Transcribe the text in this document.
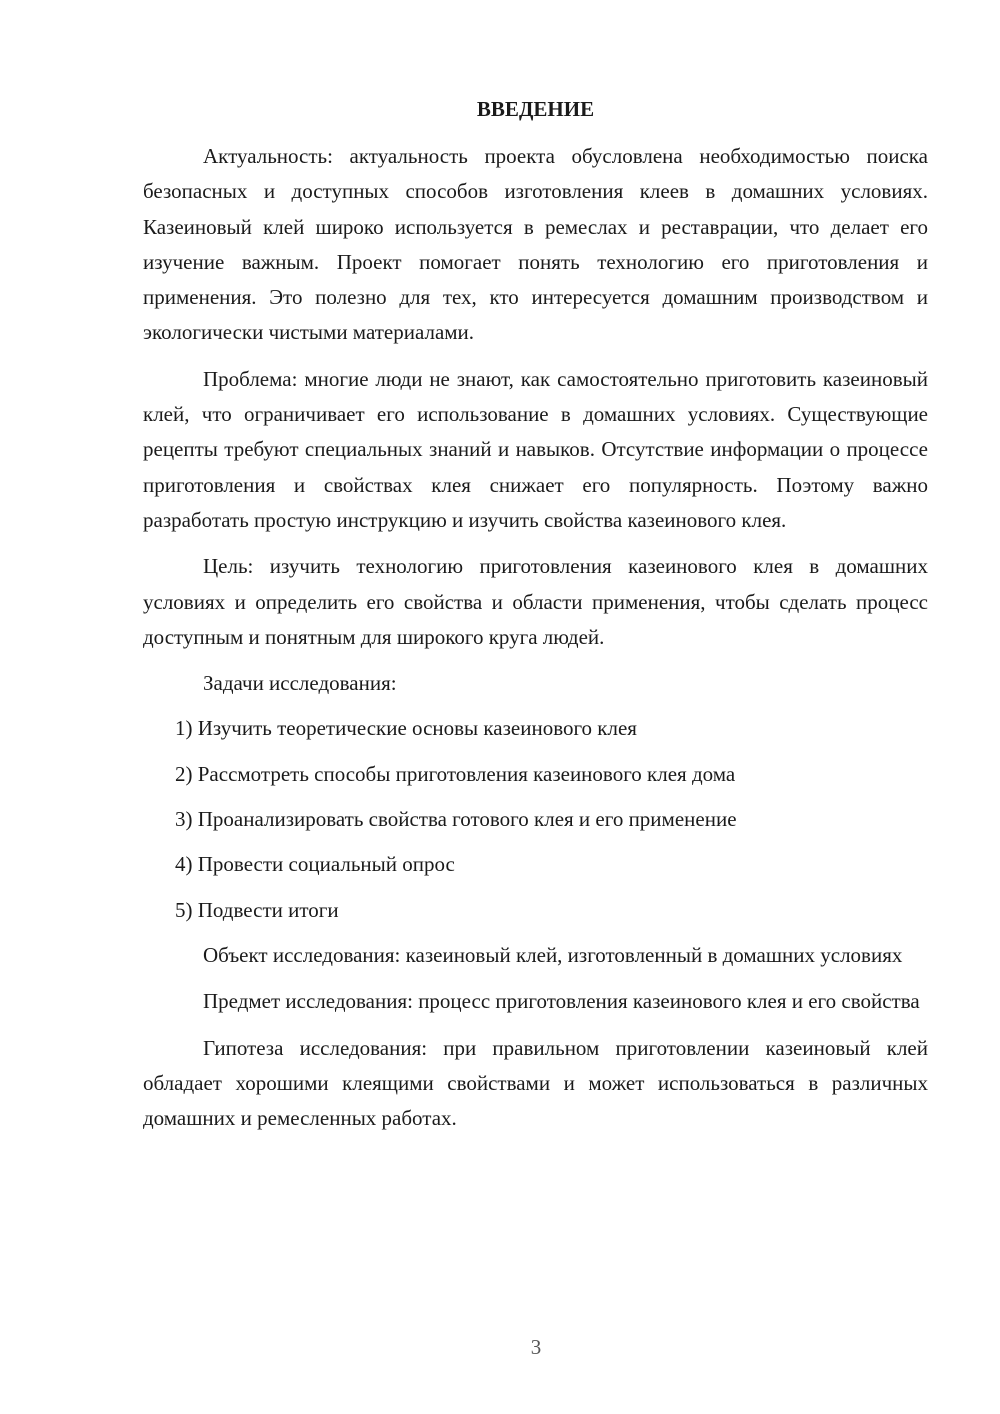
ВВЕДЕНИЕ

Актуальность: актуальность проекта обусловлена необходимостью поиска безопасных и доступных способов изготовления клеев в домашних условиях. Казеиновый клей широко используется в ремеслах и реставрации, что делает его изучение важным. Проект помогает понять технологию его приготовления и применения. Это полезно для тех, кто интересуется домашним производством и экологически чистыми материалами.

Проблема: многие люди не знают, как самостоятельно приготовить казеиновый клей, что ограничивает его использование в домашних условиях. Существующие рецепты требуют специальных знаний и навыков. Отсутствие информации о процессе приготовления и свойствах клея снижает его популярность. Поэтому важно разработать простую инструкцию и изучить свойства казеинового клея.

Цель: изучить технологию приготовления казеинового клея в домашних условиях и определить его свойства и области применения, чтобы сделать процесс доступным и понятным для широкого круга людей.

Задачи исследования:

1) Изучить теоретические основы казеинового клея
2) Рассмотреть способы приготовления казеинового клея дома
3) Проанализировать свойства готового клея и его применение
4) Провести социальный опрос
5) Подвести итоги

Объект исследования: казеиновый клей, изготовленный в домашних условиях

Предмет исследования: процесс приготовления казеинового клея и его свойства

Гипотеза исследования: при правильном приготовлении казеиновый клей обладает хорошими клеящими свойствами и может использоваться в различных домашних и ремесленных работах.

3
